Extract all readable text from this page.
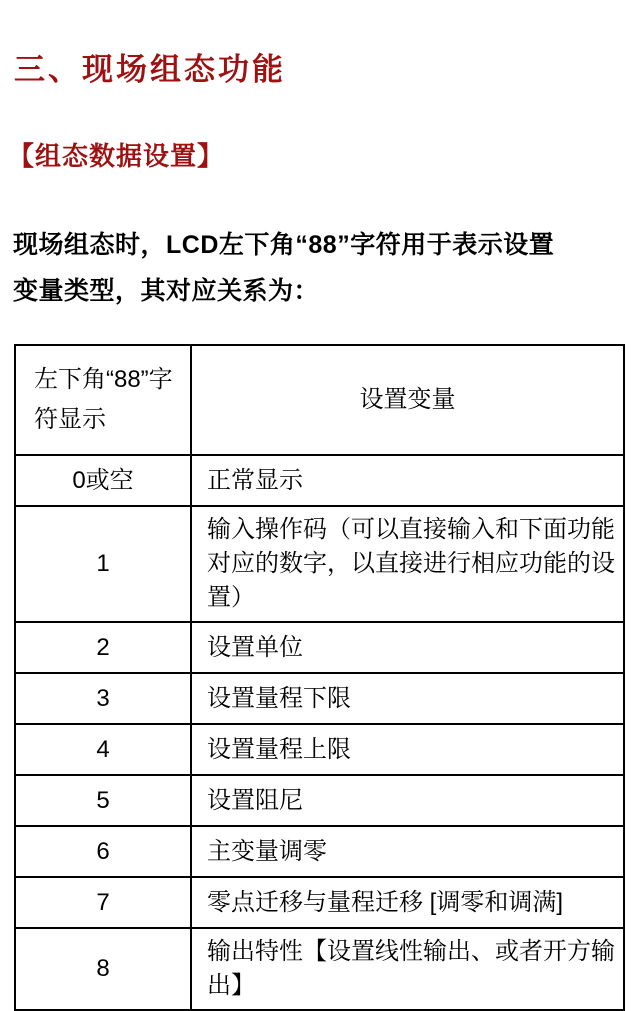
三、现场组态功能
【组态数据设置】
现场组态时，LCD左下角“88”字符用于表示设置
变量类型，其对应关系为：
左下角“88”字符显示	设置变量
0或空	正常显示
1	输入操作码（可以直接输入和下面功能对应的数字，以直接进行相应功能的设置）
2	设置单位
3	设置量程下限
4	设置量程上限
5	设置阻尼
6	主变量调零
7	零点迁移与量程迁移 [调零和调满]
8	输出特性【设置线性输出、或者开方输出】
